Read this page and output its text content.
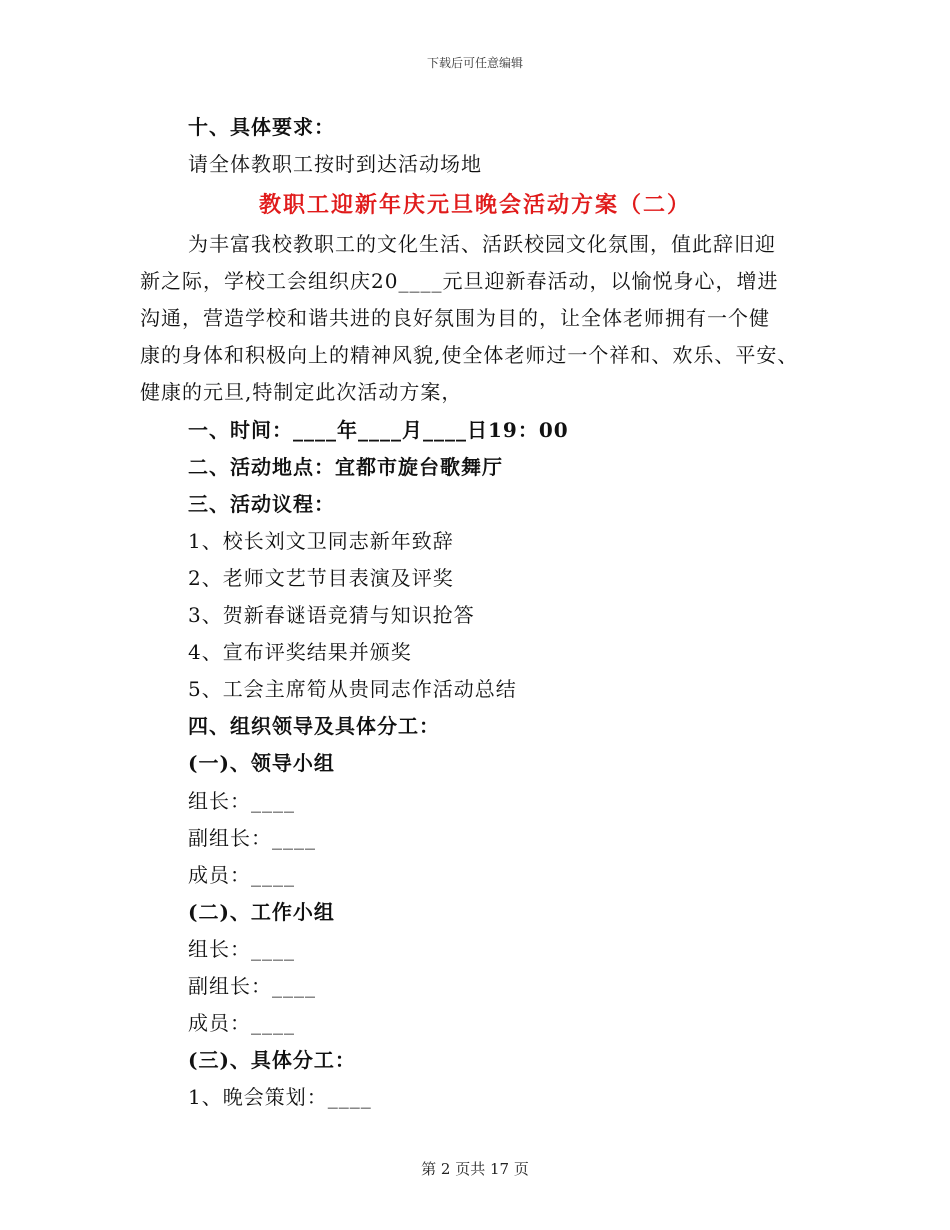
下载后可任意编辑
十、具体要求：
请全体教职工按时到达活动场地
教职工迎新年庆元旦晚会活动方案（二）
为丰富我校教职工的文化生活、活跃校园文化氛围，值此辞旧迎
新之际，学校工会组织庆20____元旦迎新春活动，以愉悦身心，增进
沟通，营造学校和谐共进的良好氛围为目的，让全体老师拥有一个健
康的身体和积极向上的精神风貌,使全体老师过一个祥和、欢乐、平安、
健康的元旦,特制定此次活动方案，
一、时间：____年____月____日19：00
二、活动地点：宜都市旋台歌舞厅
三、活动议程：
1、校长刘文卫同志新年致辞
2、老师文艺节目表演及评奖
3、贺新春谜语竞猜与知识抢答
4、宣布评奖结果并颁奖
5、工会主席筍从贵同志作活动总结
四、组织领导及具体分工：
(一)、领导小组
组长：____
副组长：____
成员：____
(二)、工作小组
组长：____
副组长：____
成员：____
(三)、具体分工：
1、晚会策划：____
第 2 页共 17 页
